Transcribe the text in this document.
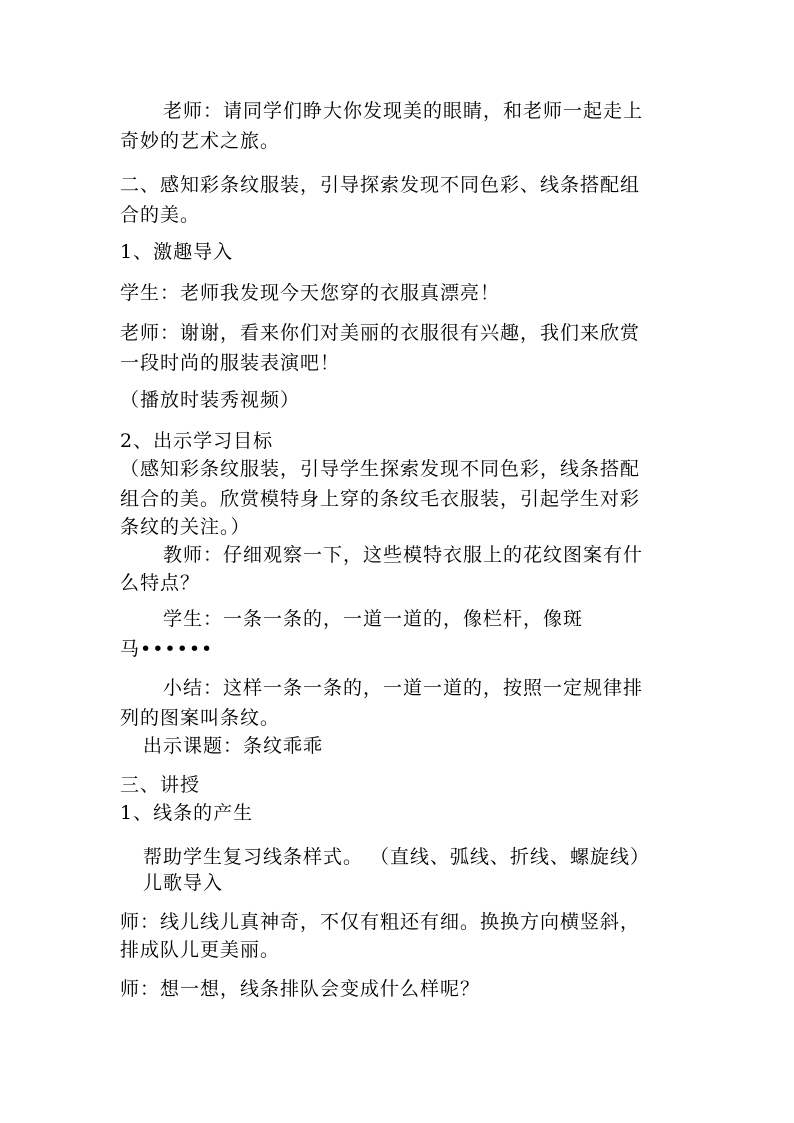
老师：请同学们睁大你发现美的眼睛，和老师一起走上
奇妙的艺术之旅。
二、感知彩条纹服装，引导探索发现不同色彩、线条搭配组
合的美。
1、激趣导入
学生：老师我发现今天您穿的衣服真漂亮！
老师：谢谢，看来你们对美丽的衣服很有兴趣，我们来欣赏
一段时尚的服装表演吧！
（播放时装秀视频）
2、出示学习目标
（感知彩条纹服装，引导学生探索发现不同色彩，线条搭配
组合的美。欣赏模特身上穿的条纹毛衣服装，引起学生对彩
条纹的关注。）
教师：仔细观察一下，这些模特衣服上的花纹图案有什
么特点？
学生：一条一条的，一道一道的，像栏杆，像斑
马••••••
小结：这样一条一条的，一道一道的，按照一定规律排
列的图案叫条纹。
出示课题：条纹乖乖
三、讲授
1、线条的产生
帮助学生复习线条样式。 （直线、弧线、折线、螺旋线）
儿歌导入
师：线儿线儿真神奇，不仅有粗还有细。换换方向横竖斜，
排成队儿更美丽。
师：想一想，线条排队会变成什么样呢？
